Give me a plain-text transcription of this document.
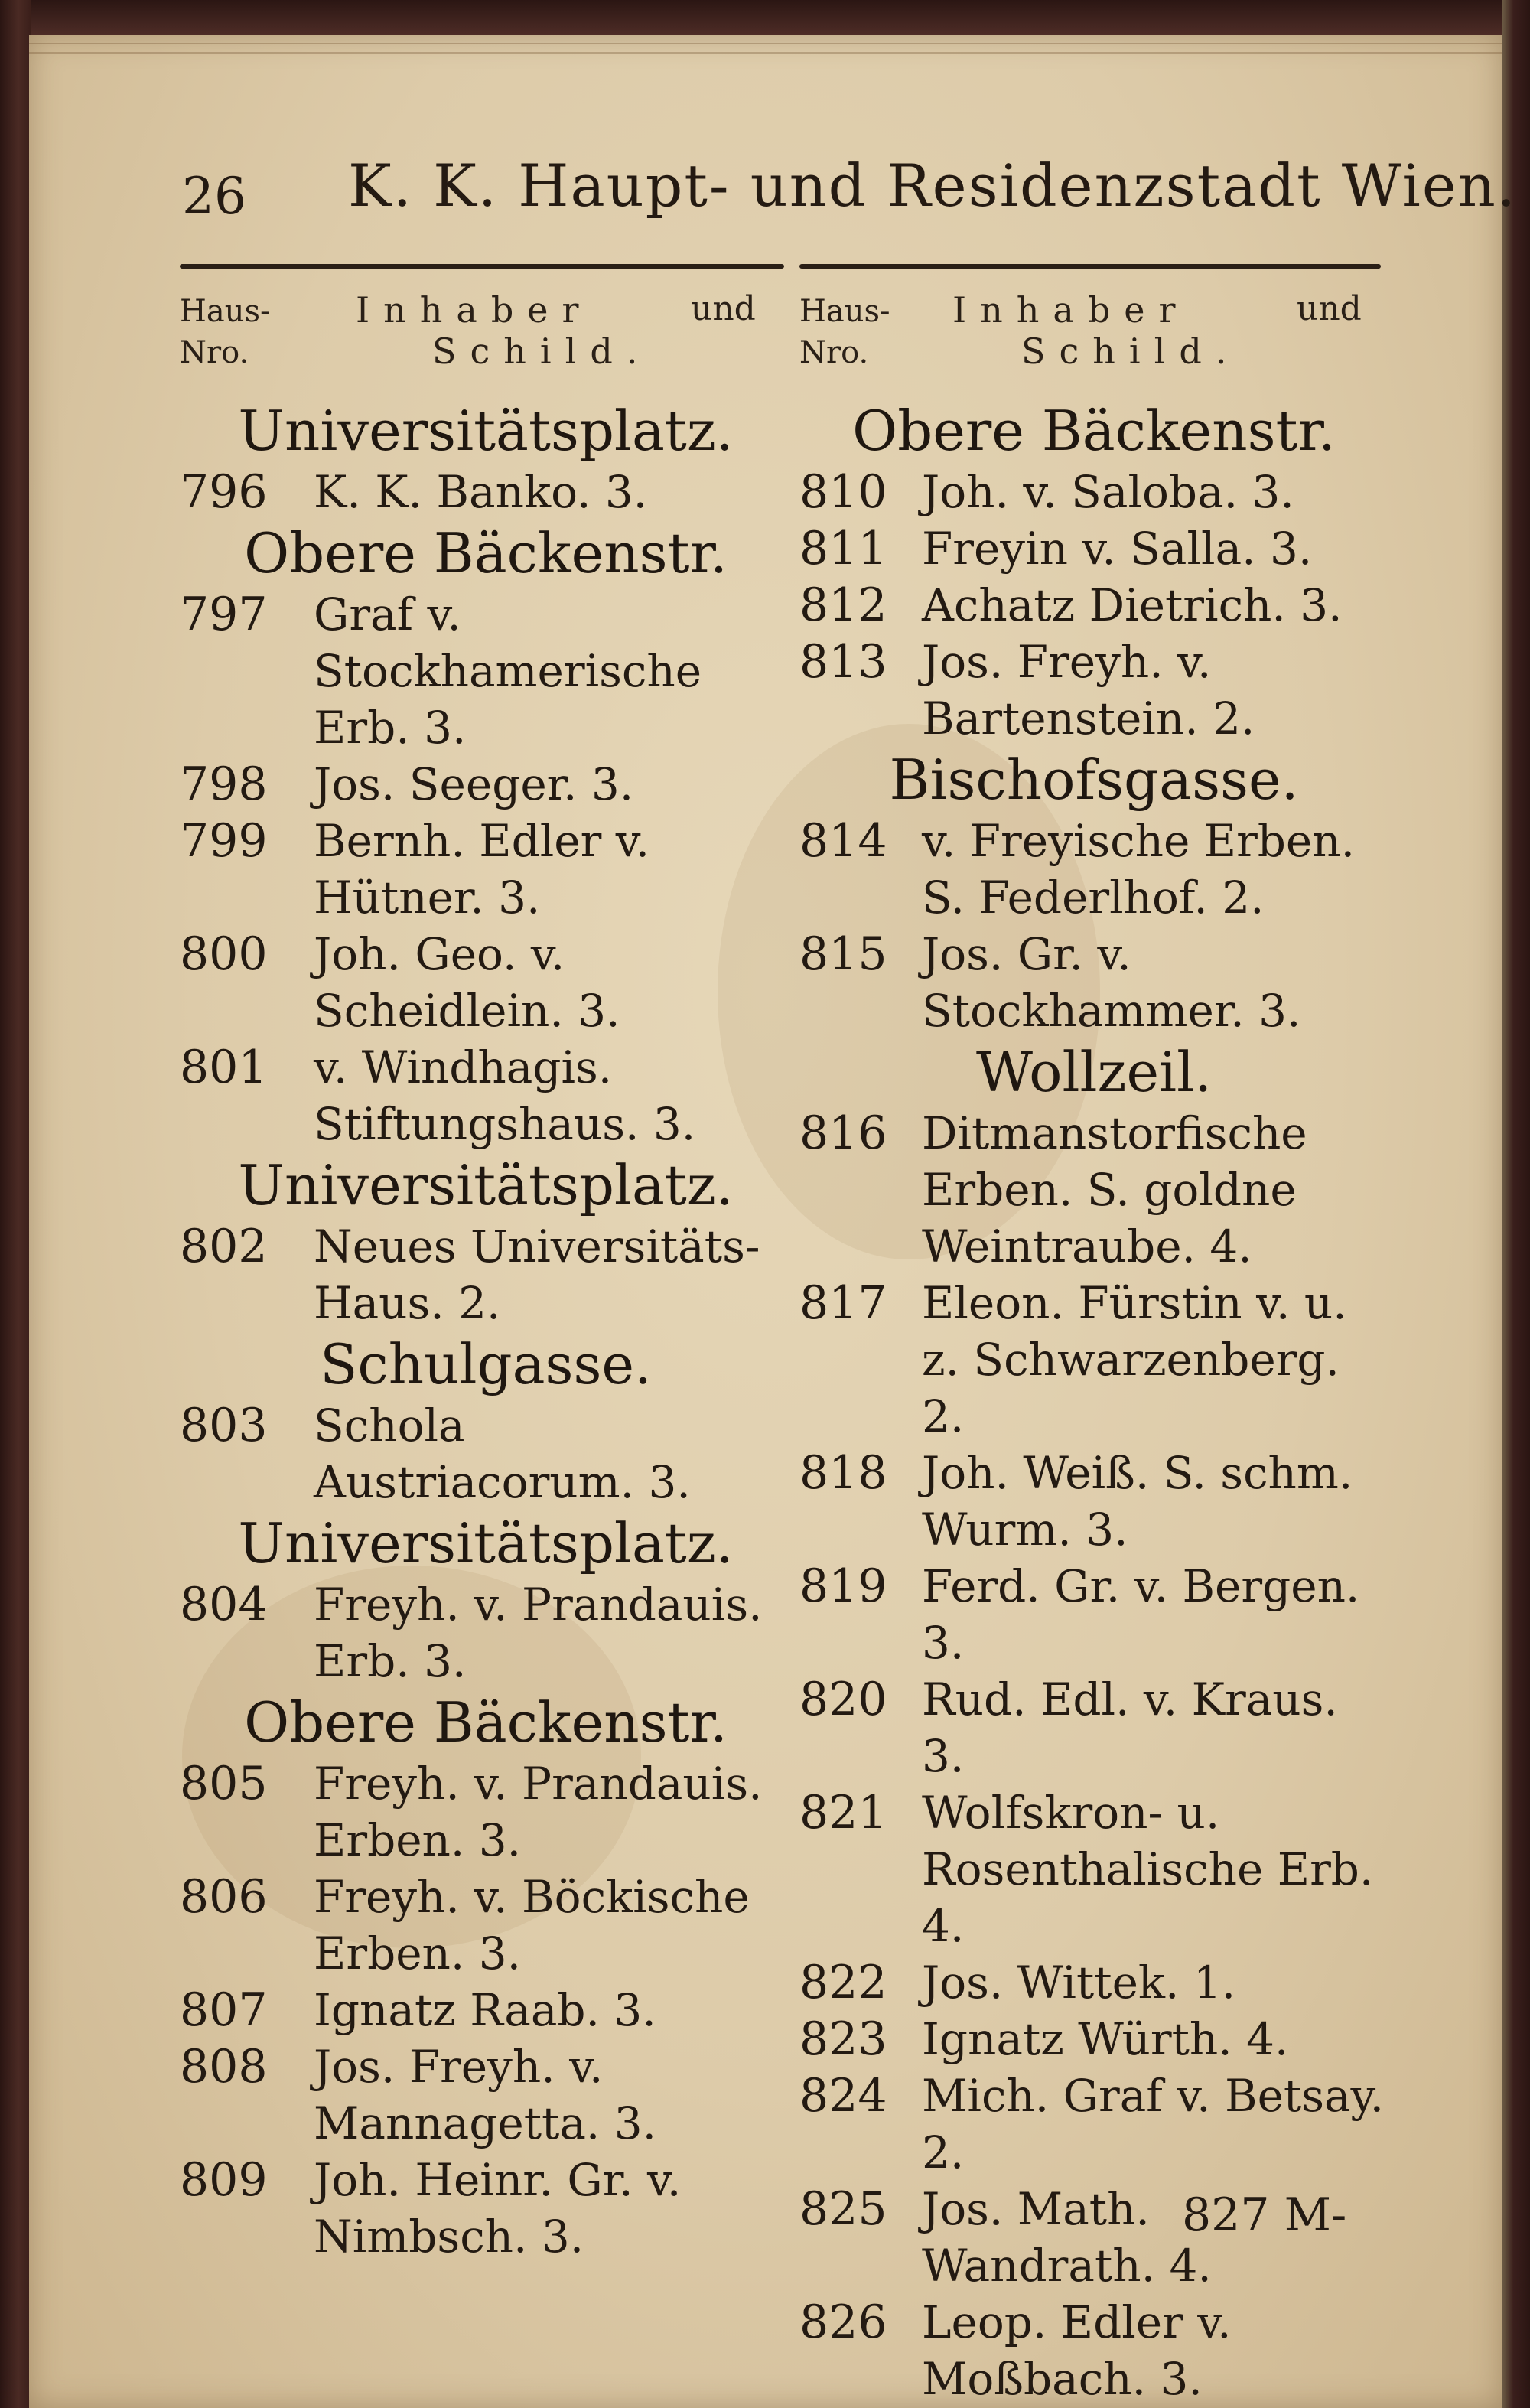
26 K. K. Haupt- und Residenzstadt Wien.
Haus-
Nro.
Inhaber	und
Schild.
Universitätsplatz.
796	K. K. Banko. 3.
Obere Bäckenstr.
797	Graf v. Stockhamerische Erb. 3.
798	Jos. Seeger. 3.
799	Bernh. Edler v. Hütner. 3.
800	Joh. Geo. v. Scheidlein. 3.
801	v. Windhagis. Stiftungshaus. 3.
Universitätsplatz.
802	Neues Universitäts-Haus. 2.
Schulgasse.
803	Schola Austriacorum. 3.
Universitätsplatz.
804	Freyh. v. Prandauis. Erb. 3.
Obere Bäckenstr.
805	Freyh. v. Prandauis. Erben. 3.
806	Freyh. v. Böckische Erben. 3.
807	Ignatz Raab. 3.
808	Jos. Freyh. v. Mannagetta. 3.
809	Joh. Heinr. Gr. v. Nimbsch. 3.
Haus-
Nro.
Inhaber	und
Schild.
Obere Bäckenstr.
810 Joh. v. Saloba. 3.
811 Freyin v. Salla. 3.
812 Achatz Dietrich. 3.
813 Jos. Freyh. v. Bartenstein. 2.
Bischofsgasse.
814 v. Freyische Erben. S. Federlhof. 2.
815 Jos. Gr. v. Stockhammer. 3.
Wollzeil.
816 Ditmanstorfische Erben. S. goldne Weintraube. 4.
817 Eleon. Fürstin v. u. z. Schwarzenberg. 2.
818 Joh. Weiß. S. schm. Wurm. 3.
819 Ferd. Gr. v. Bergen. 3.
820 Rud. Edl. v. Kraus. 3.
821 Wolfskron- u. Rosenthalische Erb. 4.
822 Jos. Wittek. 1.
823 Ignatz Würth. 4.
824 Mich. Graf v. Betsay. 2.
825 Jos. Math. Wandrath. 4.
826 Leop. Edler v. Moßbach. 3.
827 M-
